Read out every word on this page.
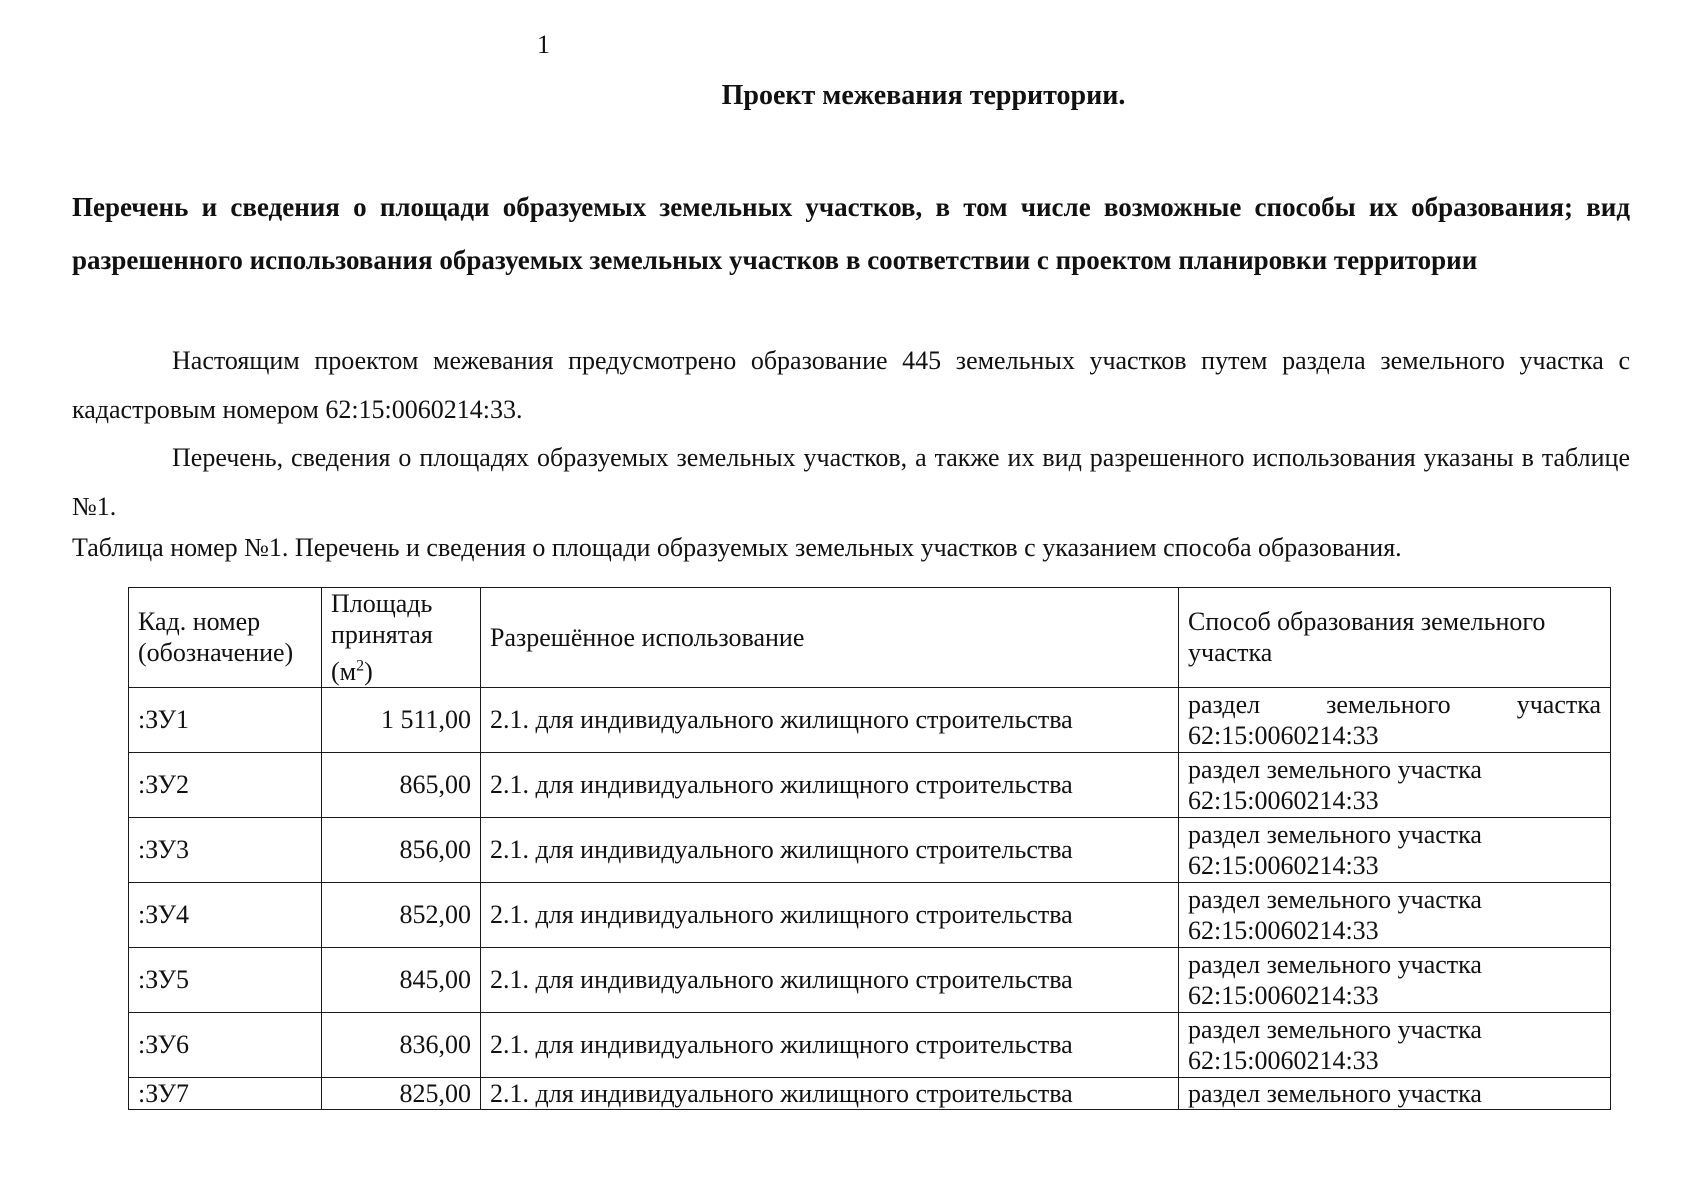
1
Проект межевания территории.
Перечень и сведения о площади образуемых земельных участков, в том числе возможные способы их образования; вид разрешенного использования образуемых земельных участков в соответствии с проектом планировки территории
Настоящим проектом межевания предусмотрено образование 445 земельных участков путем раздела земельного участка с кадастровым номером 62:15:0060214:33.
Перечень, сведения о площадях образуемых земельных участков, а также их вид разрешенного использования указаны в таблице №1.
Таблица номер №1. Перечень и сведения о площади образуемых земельных участков с указанием способа образования.
Кад. номер
(обозначение)	Площадь
принятая
$(м^2)$	Разрешённое использование	Способ образования земельного участка
:ЗУ1	1 511,00	2.1. для индивидуального жилищного строительства	раздел земельного участка
62:15:0060214:33

:ЗУ2	865,00	2.1. для индивидуального жилищного строительства	раздел земельного участка
62:15:0060214:33

:ЗУ3	856,00	2.1. для индивидуального жилищного строительства	раздел земельного участка
62:15:0060214:33

:ЗУ4	852,00	2.1. для индивидуального жилищного строительства	раздел земельного участка
62:15:0060214:33

:ЗУ5	845,00	2.1. для индивидуального жилищного строительства	раздел земельного участка
62:15:0060214:33

:ЗУ6	836,00	2.1. для индивидуального жилищного строительства	раздел земельного участка
62:15:0060214:33

:ЗУ7	825,00	2.1. для индивидуального жилищного строительства	раздел земельного участка
